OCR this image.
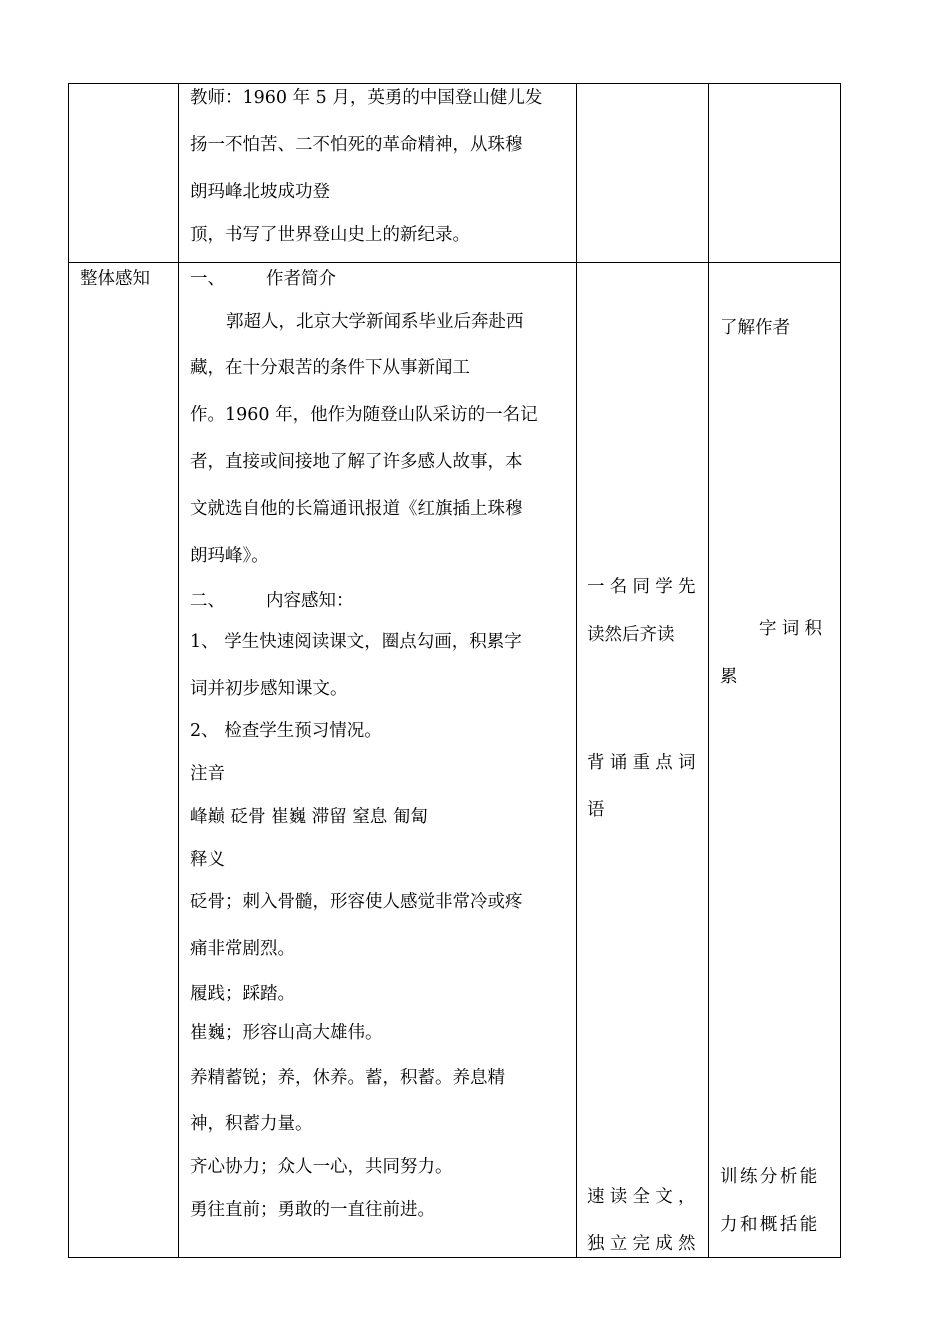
教师：1960 年 5 月，英勇的中国登山健儿发
扬一不怕苦、二不怕死的革命精神，从珠穆
朗玛峰北坡成功登
顶，书写了世界登山史上的新纪录。
整体感知 一、 作者简介
郭超人，北京大学新闻系毕业后奔赴西
藏，在十分艰苦的条件下从事新闻工
作。1960 年，他作为随登山队采访的一名记
者，直接或间接地了解了许多感人故事，本
文就选自他的长篇通讯报道《红旗插上珠穆
朗玛峰》。
二、 内容感知：
1、 学生快速阅读课文，圈点勾画，积累字
词并初步感知课文。
2、 检查学生预习情况。
注音
峰巅 砭骨 崔巍 滞留 窒息 匍匐
释义
砭骨；刺入骨髓，形容使人感觉非常冷或疼
痛非常剧烈。
履践；踩踏。
崔巍；形容山高大雄伟。
养精蓄锐；养，休养。蓄，积蓄。养息精
神，积蓄力量。
齐心协力；众人一心，共同努力。
勇往直前；勇敢的一直往前进。
一名同学先
读然后齐读
背诵重点词
语
速读全文，
独立完成然
了解作者
字词积
累
训练分析能
力和概括能
